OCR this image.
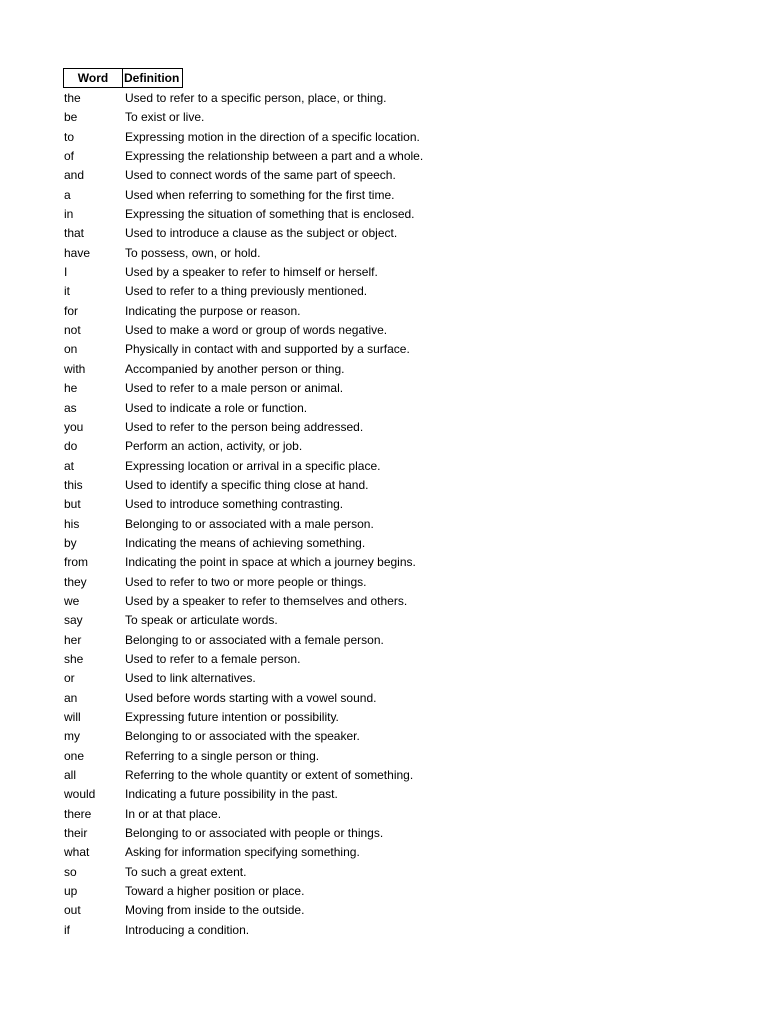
Word	Definition
the	Used to refer to a specific person, place, or thing.
be	To exist or live.
to	Expressing motion in the direction of a specific location.
of	Expressing the relationship between a part and a whole.
and	Used to connect words of the same part of speech.
a	Used when referring to something for the first time.
in	Expressing the situation of something that is enclosed.
that	Used to introduce a clause as the subject or object.
have	To possess, own, or hold.
I	Used by a speaker to refer to himself or herself.
it	Used to refer to a thing previously mentioned.
for	Indicating the purpose or reason.
not	Used to make a word or group of words negative.
on	Physically in contact with and supported by a surface.
with	Accompanied by another person or thing.
he	Used to refer to a male person or animal.
as	Used to indicate a role or function.
you	Used to refer to the person being addressed.
do	Perform an action, activity, or job.
at	Expressing location or arrival in a specific place.
this	Used to identify a specific thing close at hand.
but	Used to introduce something contrasting.
his	Belonging to or associated with a male person.
by	Indicating the means of achieving something.
from	Indicating the point in space at which a journey begins.
they	Used to refer to two or more people or things.
we	Used by a speaker to refer to themselves and others.
say	To speak or articulate words.
her	Belonging to or associated with a female person.
she	Used to refer to a female person.
or	Used to link alternatives.
an	Used before words starting with a vowel sound.
will	Expressing future intention or possibility.
my	Belonging to or associated with the speaker.
one	Referring to a single person or thing.
all	Referring to the whole quantity or extent of something.
would	Indicating a future possibility in the past.
there	In or at that place.
their	Belonging to or associated with people or things.
what	Asking for information specifying something.
so	To such a great extent.
up	Toward a higher position or place.
out	Moving from inside to the outside.
if	Introducing a condition.
